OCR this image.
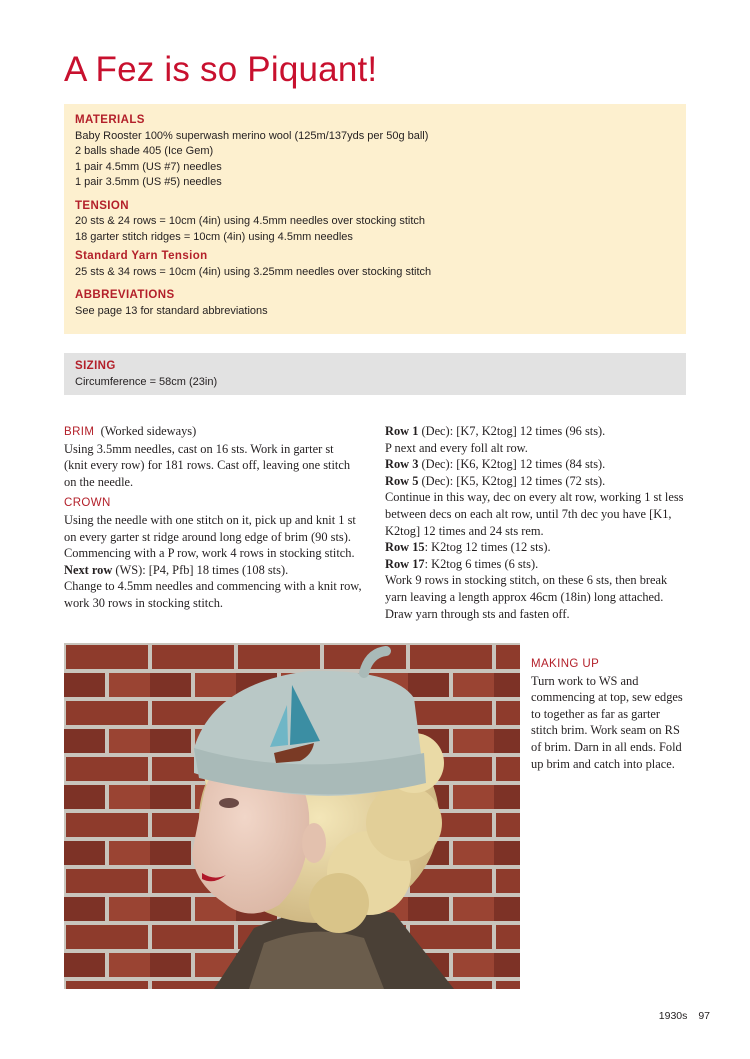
A Fez is so Piquant!
MATERIALS
Baby Rooster 100% superwash merino wool (125m/137yds per 50g ball)
2 balls shade 405 (Ice Gem)
1 pair 4.5mm (US #7) needles
1 pair 3.5mm (US #5) needles
TENSION
20 sts & 24 rows = 10cm (4in) using 4.5mm needles over stocking stitch
18 garter stitch ridges = 10cm (4in) using 4.5mm needles
Standard Yarn Tension
25 sts & 34 rows = 10cm (4in) using 3.25mm needles over stocking stitch
ABBREVIATIONS
See page 13 for standard abbreviations
SIZING
Circumference = 58cm (23in)
BRIM (Worked sideways)
Using 3.5mm needles, cast on 16 sts. Work in garter st
(knit every row) for 181 rows. Cast off, leaving one stitch
on the needle.
CROWN
Using the needle with one stitch on it, pick up and knit 1 st
on every garter st ridge around long edge of brim (90 sts).
Commencing with a P row, work 4 rows in stocking stitch.
Next row (WS): [P4, Pfb] 18 times (108 sts).
Change to 4.5mm needles and commencing with a knit row,
work 30 rows in stocking stitch.
Row 1 (Dec): [K7, K2tog] 12 times (96 sts).
P next and every foll alt row.
Row 3 (Dec): [K6, K2tog] 12 times (84 sts).
Row 5 (Dec): [K5, K2tog] 12 times (72 sts).
Continue in this way, dec on every alt row, working 1 st less
between decs on each alt row, until 7th dec you have [K1,
K2tog] 12 times and 24 sts rem.
Row 15: K2tog 12 times (12 sts).
Row 17: K2tog 6 times (6 sts).
Work 9 rows in stocking stitch, on these 6 sts, then break
yarn leaving a length approx 46cm (18in) long attached.
Draw yarn through sts and fasten off.
MAKING UP
Turn work to WS and
commencing at top, sew edges
to together as far as garter
stitch brim. Work seam on RS
of brim. Darn in all ends. Fold
up brim and catch into place.
1930s 97
